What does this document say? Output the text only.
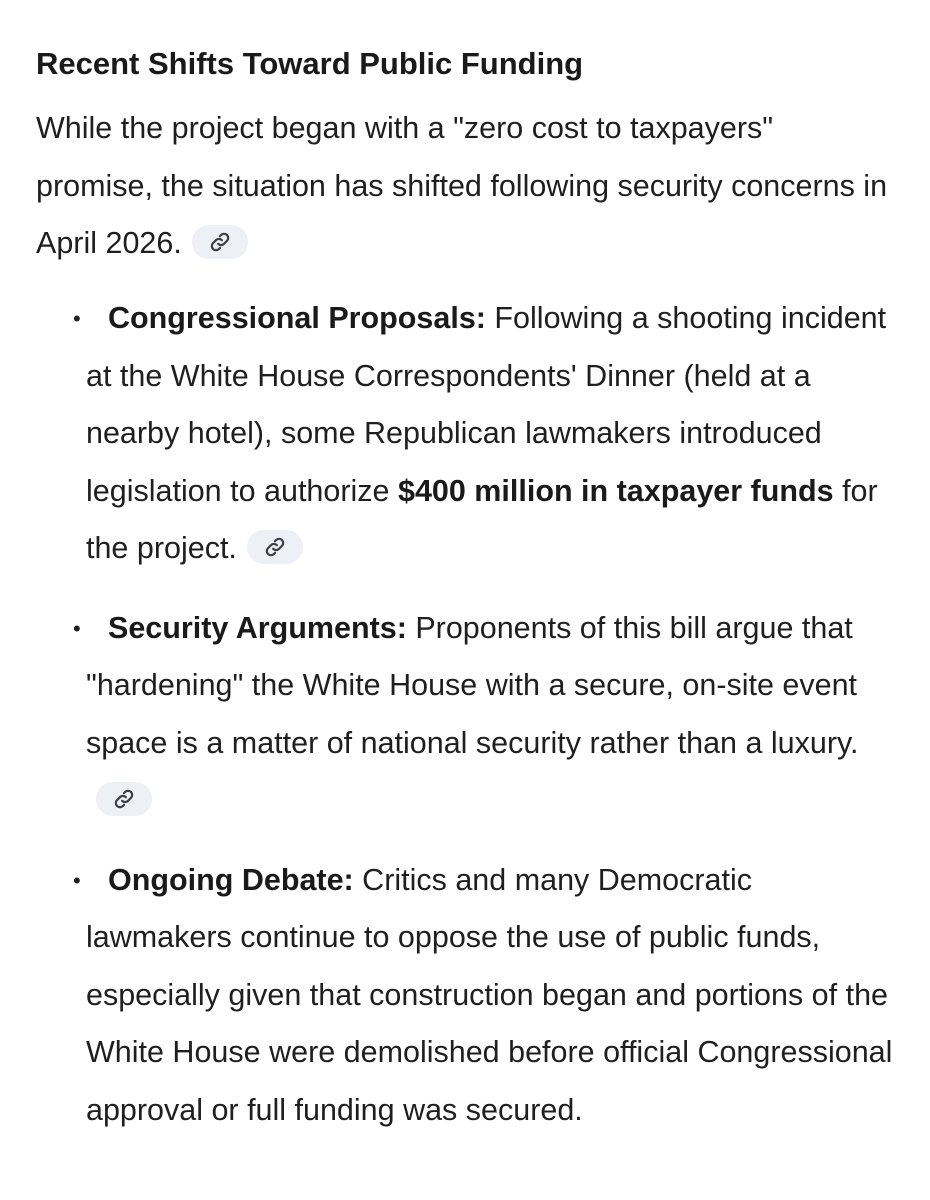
Recent Shifts Toward Public Funding
While the project began with a "zero cost to taxpayers" promise, the situation has shifted following security concerns in April 2026.
• Congressional Proposals: Following a shooting incident at the White House Correspondents' Dinner (held at a nearby hotel), some Republican lawmakers introduced legislation to authorize $400 million in taxpayer funds for the project.
• Security Arguments: Proponents of this bill argue that "hardening" the White House with a secure, on-site event space is a matter of national security rather than a luxury.
• Ongoing Debate: Critics and many Democratic lawmakers continue to oppose the use of public funds, especially given that construction began and portions of the White House were demolished before official Congressional approval or full funding was secured.
